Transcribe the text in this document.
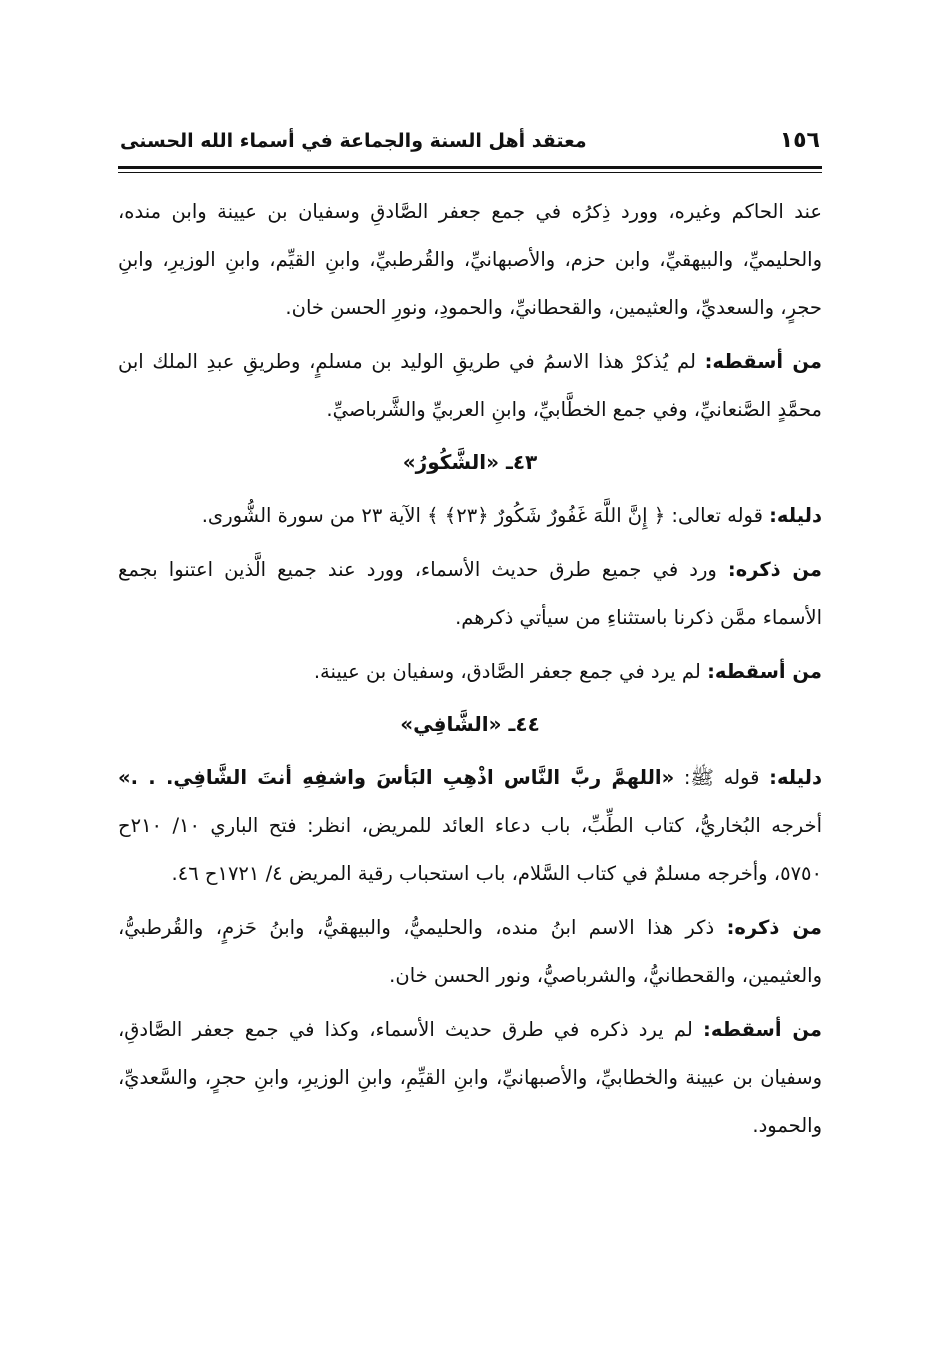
١٥٦
معتقد أهل السنة والجماعة في أسماء الله الحسنى

عند الحاكم وغيره، وورد ذِكرُه في جمع جعفر الصَّادقِ وسفيان بن عيينة وابن منده، والحليميِّ، والبيهقيِّ، وابن حزم، والأصبهانيِّ، والقُرطبيِّ، وابنِ القيِّم، وابنِ الوزيرِ، وابنِ حجرٍ، والسعديِّ، والعثيمين، والقحطانيِّ، والحمودِ، ونورِ الحسن خان.

من أسقطه: لم يُذكرْ هذا الاسمُ في طريقِ الوليد بن مسلمٍ، وطريقِ عبدِ الملك ابن محمَّدٍ الصَّنعانيِّ، وفي جمع الخطَّابيِّ، وابنِ العربيِّ والشَّرباصيِّ.

٤٣ـ «الشَّكُورُ»

دليله: قوله تعالى: ﴿ إِنَّ اللَّهَ غَفُورٌ شَكُورٌ ﴿٢٣﴾ ﴾ الآية ٢٣ من سورة الشُّورى.

من ذكره: ورد في جميع طرق حديث الأسماء، وورد عند جميع الَّذين اعتنوا بجمع الأسماء ممَّن ذكرنا باستثناءِ من سيأتي ذكرهم.

من أسقطه: لم يرد في جمع جعفر الصَّادق، وسفيان بن عيينة.

٤٤ـ «الشَّافِي»

دليله: قوله ﷺ: «اللهمَّ ربَّ النَّاس اذْهِبِ البَأسَ واشفِهِ أنتَ الشَّافِي. . .» أخرجه البُخاريُّ، كتاب الطِّبِّ، باب دعاء العائد للمريض، انظر: فتح الباري ١٠/ ٢١٠ح ٥٧٥٠، وأخرجه مسلمٌ في كتاب السَّلام، باب استحباب رقية المريض ٤/ ١٧٢١ح ٤٦.

من ذكره: ذكر هذا الاسم ابنُ منده، والحليميُّ، والبيهقيُّ، وابنُ حَزمٍ، والقُرطبيُّ، والعثيمين، والقحطانيُّ، والشرباصيُّ، ونور الحسن خان.

من أسقطه: لم يرد ذكره في طرق حديث الأسماء، وكذا في جمع جعفر الصَّادقِ، وسفيان بن عيينة والخطابيِّ، والأصبهانيِّ، وابنِ القيِّمِ، وابنِ الوزيرِ، وابنِ حجرٍ، والسَّعديِّ، والحمود.
